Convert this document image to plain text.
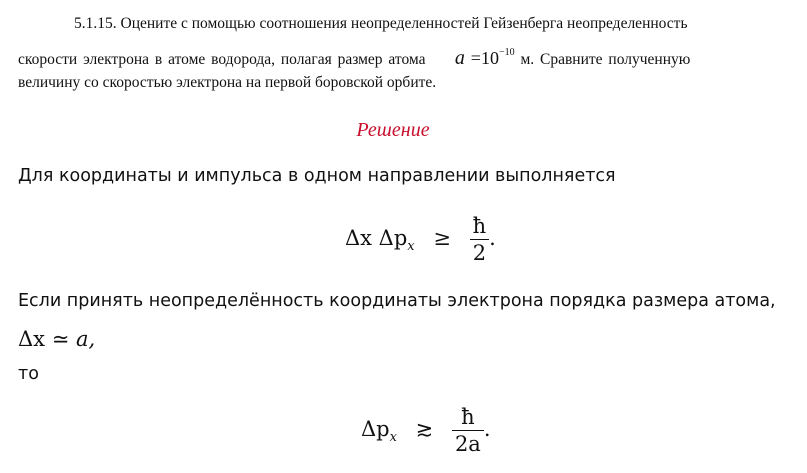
5.1.15. Оцените с помощью соотношения неопределенностей Гейзенберга неопределенность
скорости электрона в атоме водорода, полагая размер атома $a =10^{-10}$ м. Сравните полученную
величину со скоростью электрона на первой боровской орбите.
Решение
Для координаты и импульса в одном направлении выполняется
Δx $\Delta p_x \ge \frac{ħ}{2}$ .
Если принять неопределённость координаты электрона порядка размера атома,
Δx ≃ a,
то
$\Delta p_x$ ≳ $\frac{ħ}{2a}$ .
